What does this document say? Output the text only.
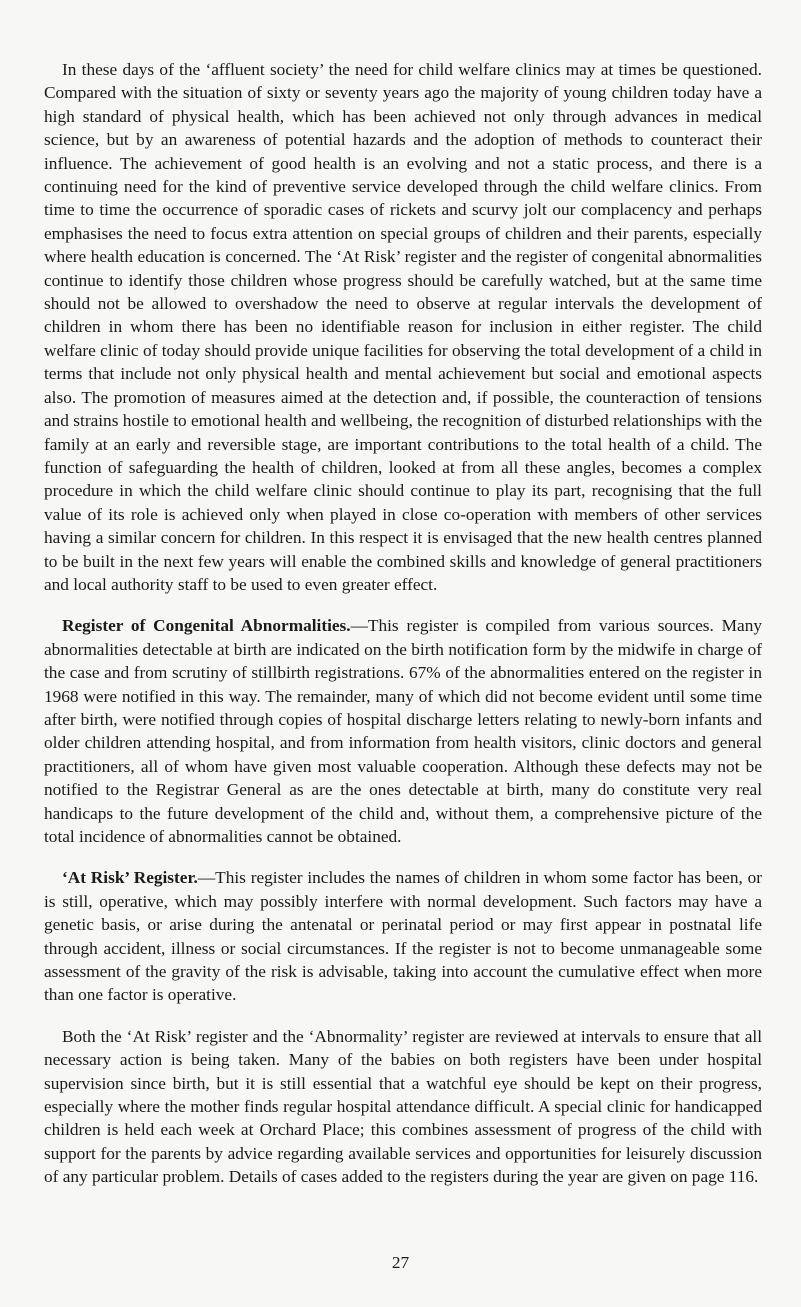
In these days of the ‘affluent society’ the need for child welfare clinics may at times be questioned. Compared with the situation of sixty or seventy years ago the majority of young children today have a high standard of physical health, which has been achieved not only through advances in medical science, but by an awareness of potential hazards and the adoption of methods to counteract their influence. The achievement of good health is an evolving and not a static process, and there is a continuing need for the kind of preventive service developed through the child welfare clinics. From time to time the occurrence of sporadic cases of rickets and scurvy jolt our complacency and perhaps emphasises the need to focus extra attention on special groups of children and their parents, especially where health education is concerned. The ‘At Risk’ register and the register of congenital abnormalities continue to identify those children whose progress should be carefully watched, but at the same time should not be allowed to overshadow the need to observe at regular intervals the development of children in whom there has been no identifiable reason for inclusion in either register. The child welfare clinic of today should provide unique facilities for observing the total development of a child in terms that include not only physical health and mental achievement but social and emotional aspects also. The promotion of measures aimed at the detection and, if possible, the counteraction of tensions and strains hostile to emotional health and wellbeing, the recognition of disturbed relationships with the family at an early and reversible stage, are important contributions to the total health of a child. The function of safeguarding the health of children, looked at from all these angles, becomes a complex procedure in which the child welfare clinic should continue to play its part, recognising that the full value of its role is achieved only when played in close co-operation with members of other services having a similar concern for children. In this respect it is envisaged that the new health centres planned to be built in the next few years will enable the combined skills and knowledge of general practitioners and local authority staff to be used to even greater effect.

Register of Congenital Abnormalities.—This register is compiled from various sources. Many abnormalities detectable at birth are indicated on the birth notification form by the midwife in charge of the case and from scrutiny of stillbirth registrations. 67% of the abnormalities entered on the register in 1968 were notified in this way. The remainder, many of which did not become evident until some time after birth, were notified through copies of hospital discharge letters relating to newly-born infants and older children attending hospital, and from information from health visitors, clinic doctors and general practitioners, all of whom have given most valuable cooperation. Although these defects may not be notified to the Registrar General as are the ones detectable at birth, many do constitute very real handicaps to the future development of the child and, without them, a comprehensive picture of the total incidence of abnormalities cannot be obtained.

‘At Risk’ Register.—This register includes the names of children in whom some factor has been, or is still, operative, which may possibly interfere with normal development. Such factors may have a genetic basis, or arise during the antenatal or perinatal period or may first appear in postnatal life through accident, illness or social circumstances. If the register is not to become unmanageable some assessment of the gravity of the risk is advisable, taking into account the cumulative effect when more than one factor is operative.

Both the ‘At Risk’ register and the ‘Abnormality’ register are reviewed at intervals to ensure that all necessary action is being taken. Many of the babies on both registers have been under hospital supervision since birth, but it is still essential that a watchful eye should be kept on their progress, especially where the mother finds regular hospital attendance difficult. A special clinic for handicapped children is held each week at Orchard Place; this combines assessment of progress of the child with support for the parents by advice regarding available services and opportunities for leisurely discussion of any particular problem. Details of cases added to the registers during the year are given on page 116.

27
